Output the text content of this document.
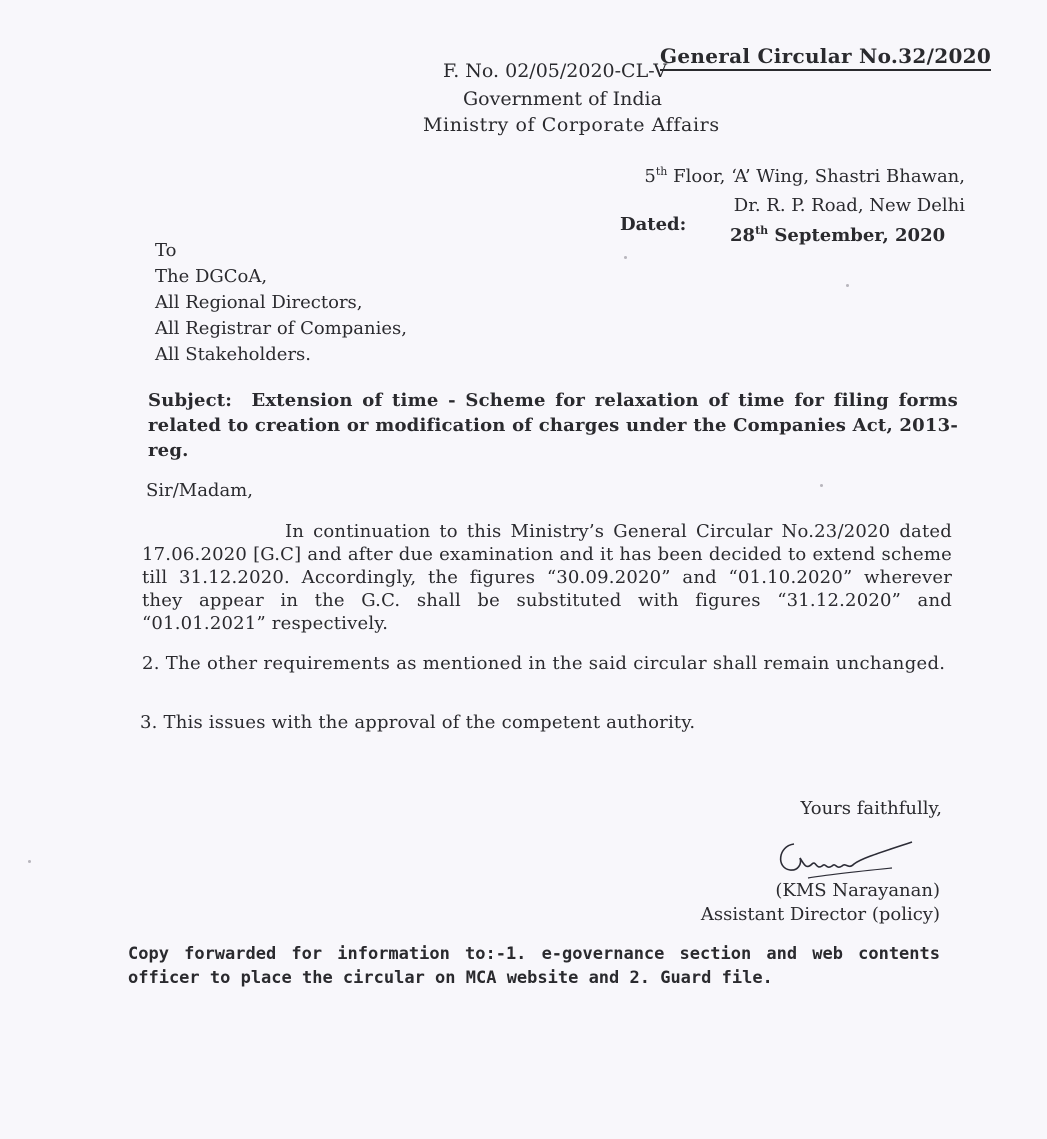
General Circular No.32/2020
F. No. 02/05/2020-CL-V
Government of India
Ministry of Corporate Affairs
5th Floor, ‘A’ Wing, Shastri Bhawan,
Dr. R. P. Road, New Delhi
Dated:
28th September, 2020
To
The DGCoA,
All Regional Directors,
All Registrar of Companies,
All Stakeholders.
Subject: Extension of time - Scheme for relaxation of time for filing forms related to creation or modification of charges under the Companies Act, 2013- reg.
Sir/Madam,
In continuation to this Ministry’s General Circular No.23/2020 dated 17.06.2020 [G.C] and after due examination and it has been decided to extend scheme till 31.12.2020. Accordingly, the figures “30.09.2020” and “01.10.2020” wherever they appear in the G.C. shall be substituted with figures “31.12.2020” and “01.01.2021” respectively.
2. The other requirements as mentioned in the said circular shall remain unchanged.
3. This issues with the approval of the competent authority.
Yours faithfully,
(KMS Narayanan)
Assistant Director (policy)
Copy forwarded for information to:-1. e-governance section and web contents officer to place the circular on MCA website and 2. Guard file.
